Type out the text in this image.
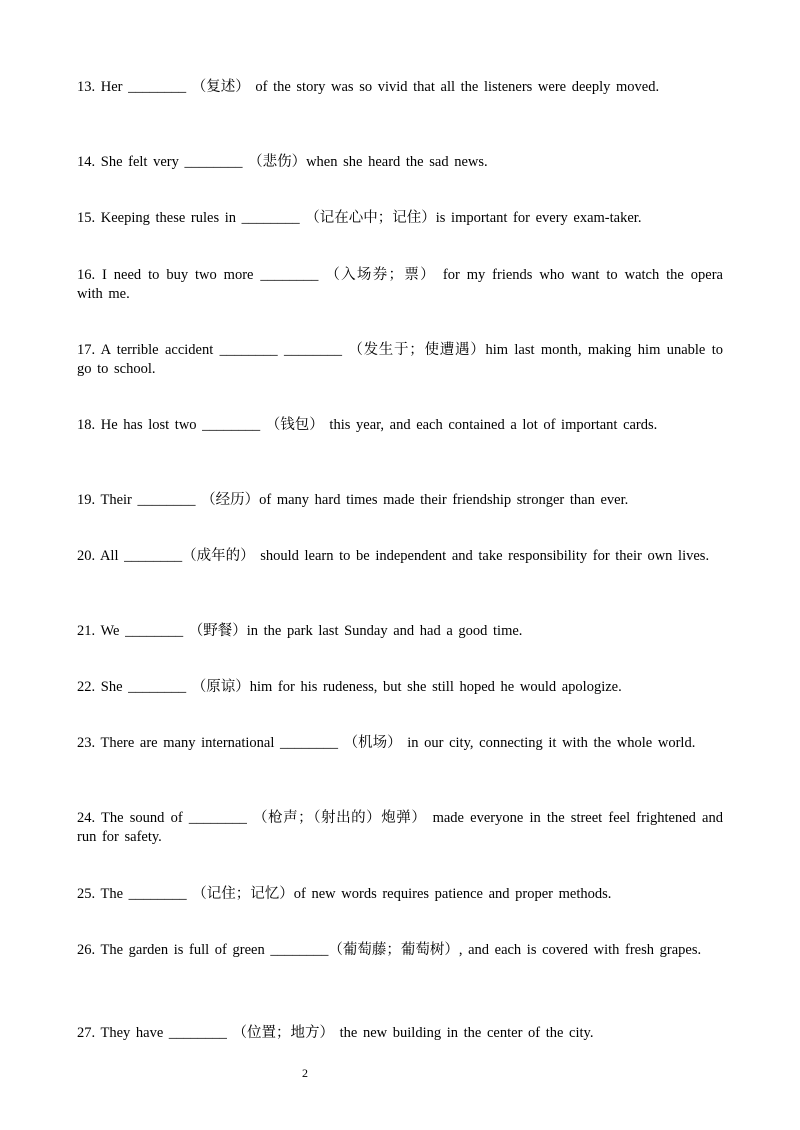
13. Her ________ （复述） of the story was so vivid that all the listeners were deeply moved.
14. She felt very ________ （悲伤）when she heard the sad news.
15. Keeping these rules in ________ （记在心中；记住）is important for every exam-taker.
16. I need to buy two more ________ （入场券；票） for my friends who want to watch the opera with me.
17. A terrible accident ________ ________ （发生于；使遭遇）him last month, making him unable to go to school.
18. He has lost two ________ （钱包） this year, and each contained a lot of important cards.
19. Their ________ （经历）of many hard times made their friendship stronger than ever.
20. All ________（成年的） should learn to be independent and take responsibility for their own lives.
21. We ________ （野餐）in the park last Sunday and had a good time.
22. She ________ （原谅）him for his rudeness, but she still hoped he would apologize.
23. There are many international ________ （机场） in our city, connecting it with the whole world.
24. The sound of ________ （枪声；（射出的）炮弹） made everyone in the street feel frightened and run for safety.
25. The ________ （记住；记忆）of new words requires patience and proper methods.
26. The garden is full of green ________（葡萄藤；葡萄树）, and each is covered with fresh grapes.
27. They have ________ （位置；地方） the new building in the center of the city.
2
